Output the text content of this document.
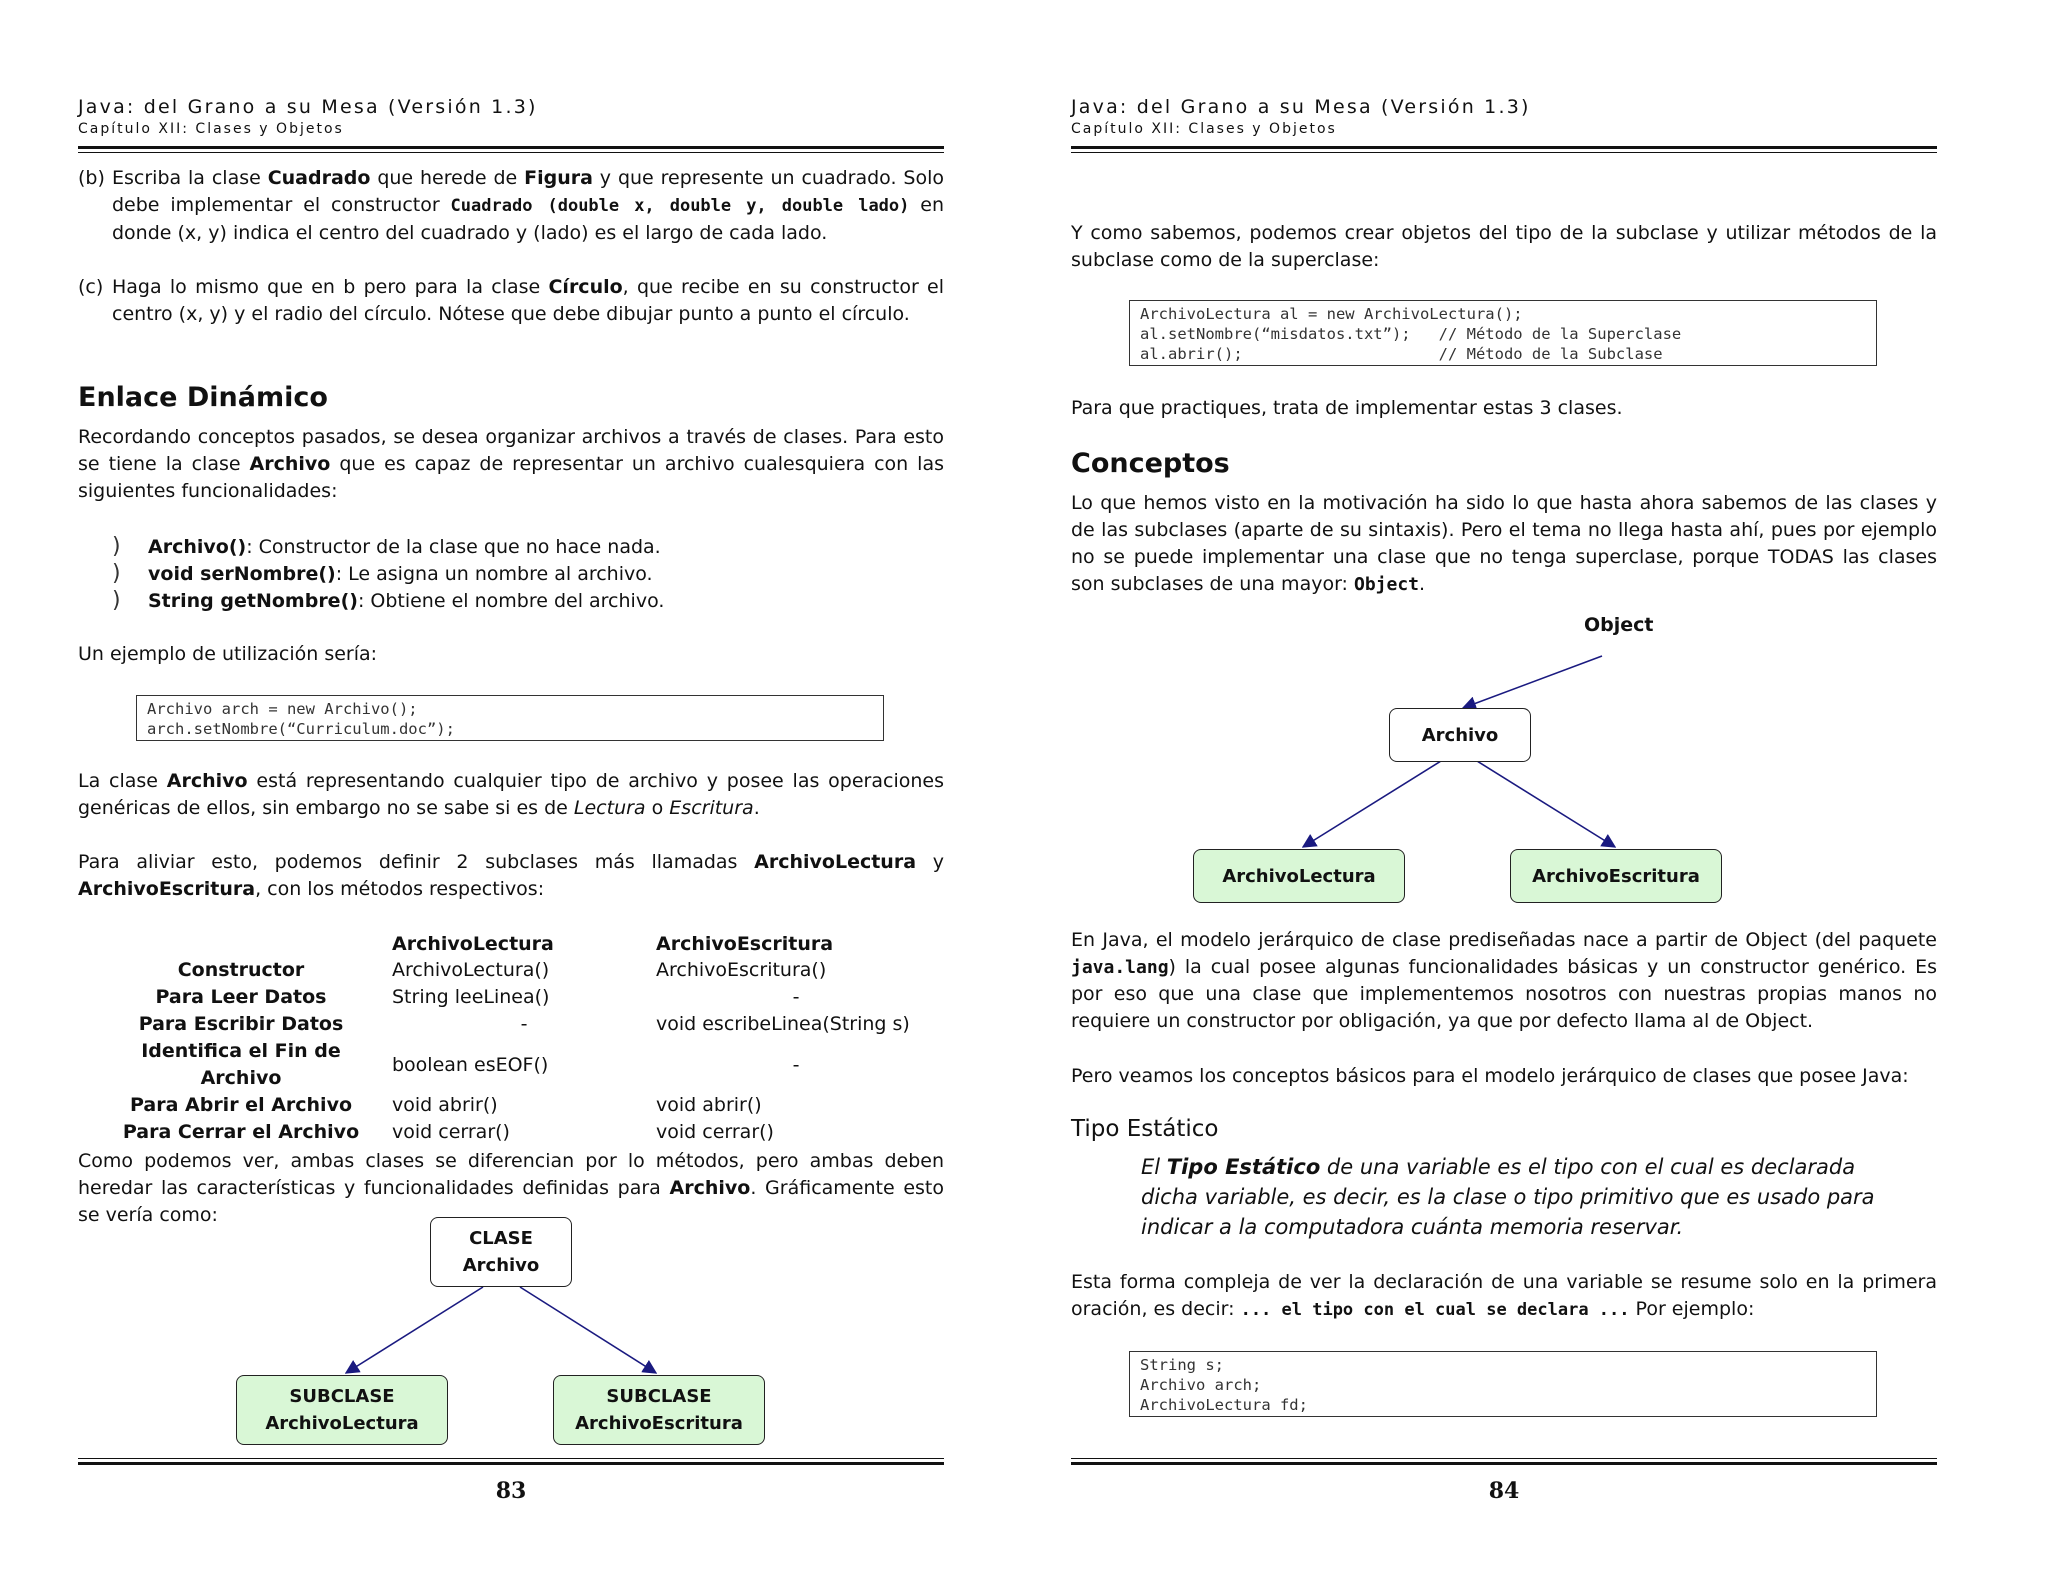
Java: del Grano a su Mesa (Versión 1.3)
Capítulo XII: Clases y Objetos
(b) Escriba la clase Cuadrado que herede de Figura y que represente un cuadrado. Solo debe implementar el constructor Cuadrado (double x, double y, double lado) en donde (x, y) indica el centro del cuadrado y (lado) es el largo de cada lado.
(c) Haga lo mismo que en b pero para la clase Círculo, que recibe en su constructor el centro (x, y) y el radio del círculo. Nótese que debe dibujar punto a punto el círculo.
Enlace Dinámico
Recordando conceptos pasados, se desea organizar archivos a través de clases. Para esto se tiene la clase Archivo que es capaz de representar un archivo cualesquiera con las siguientes funcionalidades:
) Archivo(): Constructor de la clase que no hace nada.
) void serNombre(): Le asigna un nombre al archivo.
) String getNombre(): Obtiene el nombre del archivo.
Un ejemplo de utilización sería:
Archivo arch = new Archivo();
arch.setNombre(“Curriculum.doc”);
La clase Archivo está representando cualquier tipo de archivo y posee las operaciones genéricas de ellos, sin embargo no se sabe si es de Lectura o Escritura.
Para aliviar esto, podemos definir 2 subclases más llamadas ArchivoLectura y ArchivoEscritura, con los métodos respectivos:
	ArchivoLectura	ArchivoEscritura
Constructor	ArchivoLectura()	ArchivoEscritura()
Para Leer Datos	String leeLinea()	-
Para Escribir Datos	-	void escribeLinea(String s)
Identifica el Fin de Archivo	boolean esEOF()	-
Para Abrir el Archivo	void abrir()	void abrir()
Para Cerrar el Archivo	void cerrar()	void cerrar()
Como podemos ver, ambas clases se diferencian por lo métodos, pero ambas deben heredar las características y funcionalidades definidas para Archivo. Gráficamente esto se vería como:
CLASE
Archivo
SUBCLASE
ArchivoLectura
SUBCLASE
ArchivoEscritura
83
Java: del Grano a su Mesa (Versión 1.3)
Capítulo XII: Clases y Objetos
Y como sabemos, podemos crear objetos del tipo de la subclase y utilizar métodos de la subclase como de la superclase:
ArchivoLectura al = new ArchivoLectura();
al.setNombre(“misdatos.txt”);   // Método de la Superclase
al.abrir();                     // Método de la Subclase
Para que practiques, trata de implementar estas 3 clases.
Conceptos
Lo que hemos visto en la motivación ha sido lo que hasta ahora sabemos de las clases y de las subclases (aparte de su sintaxis). Pero el tema no llega hasta ahí, pues por ejemplo no se puede implementar una clase que no tenga superclase, porque TODAS las clases son subclases de una mayor: Object.
Object
Archivo
ArchivoLectura	ArchivoEscritura
En Java, el modelo jerárquico de clase prediseñadas nace a partir de Object (del paquete java.lang) la cual posee algunas funcionalidades básicas y un constructor genérico. Es por eso que una clase que implementemos nosotros con nuestras propias manos no requiere un constructor por obligación, ya que por defecto llama al de Object.
Pero veamos los conceptos básicos para el modelo jerárquico de clases que posee Java:
Tipo Estático
El Tipo Estático de una variable es el tipo con el cual es declarada dicha variable, es decir, es la clase o tipo primitivo que es usado para indicar a la computadora cuánta memoria reservar.
Esta forma compleja de ver la declaración de una variable se resume solo en la primera oración, es decir: ... el tipo con el cual se declara ... Por ejemplo:
String s;
Archivo arch;
ArchivoLectura fd;
84
